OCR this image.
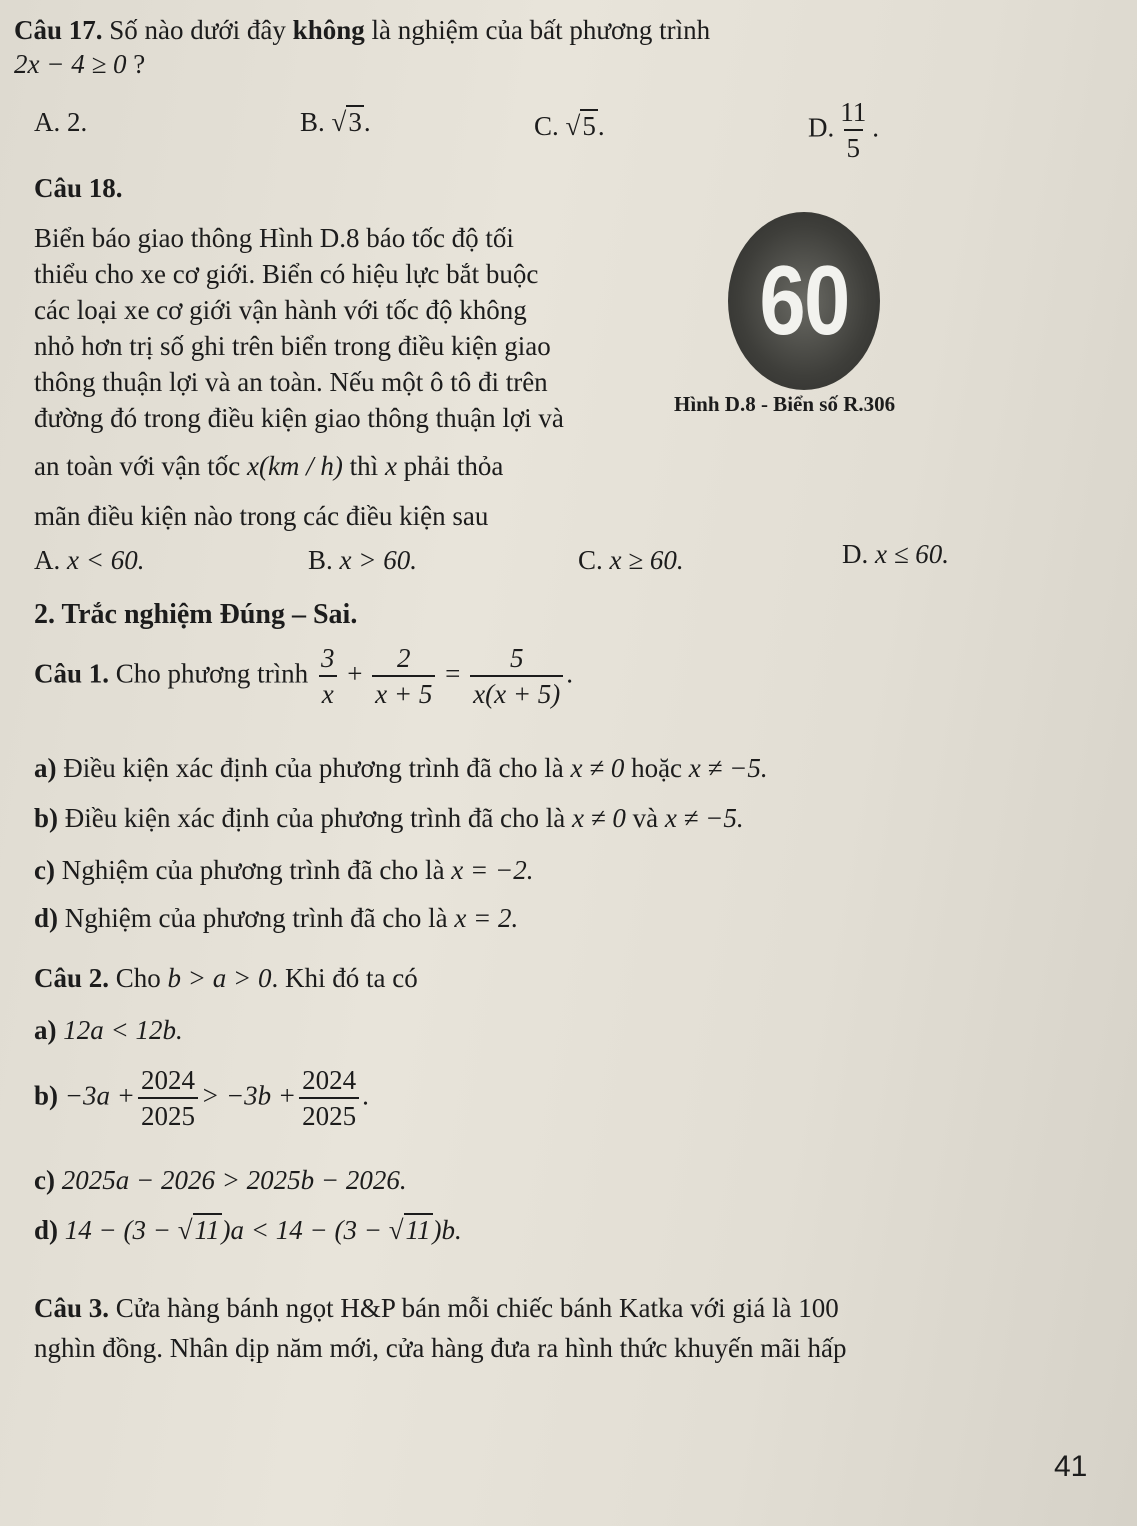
Câu 17. Số nào dưới đây không là nghiệm của bất phương trình
2x − 4 ≥ 0 ?
A. 2.	B. √3.	C. √5.	D. $\frac{11}{5}$ .
Câu 18.
Biển báo giao thông Hình D.8 báo tốc độ tối
thiểu cho xe cơ giới. Biển có hiệu lực bắt buộc
các loại xe cơ giới vận hành với tốc độ không
nhỏ hơn trị số ghi trên biển trong điều kiện giao
thông thuận lợi và an toàn. Nếu một ô tô đi trên
đường đó trong điều kiện giao thông thuận lợi và
an toàn với vận tốc x(km / h) thì x phải thỏa
mãn điều kiện nào trong các điều kiện sau
60
Hình D.8 - Biển số R.306
A. x < 60.	B. x > 60.	C. x ≥ 60.	D. x ≤ 60.
2. Trắc nghiệm Đúng – Sai.
Câu 1. Cho phương trình $\frac{3}{x} + \frac{2}{x + 5} = \frac{5}{x(x + 5)}$ .
a) Điều kiện xác định của phương trình đã cho là x ≠ 0 hoặc x ≠ −5.
b) Điều kiện xác định của phương trình đã cho là x ≠ 0 và x ≠ −5.
c) Nghiệm của phương trình đã cho là x = −2.
d) Nghiệm của phương trình đã cho là x = 2.
Câu 2. Cho b > a > 0. Khi đó ta có
a) 12a < 12b.
$b) -3a + \frac{2024}{2025} > -3b + \frac{2024}{2025}$ .
c) 2025a − 2026 > 2025b − 2026.
d) 14 − (3 − √11)a < 14 − (3 − √11)b.
Câu 3. Cửa hàng bánh ngọt H&P bán mỗi chiếc bánh Katka với giá là 100
nghìn đồng. Nhân dịp năm mới, cửa hàng đưa ra hình thức khuyến mãi hấp
41
